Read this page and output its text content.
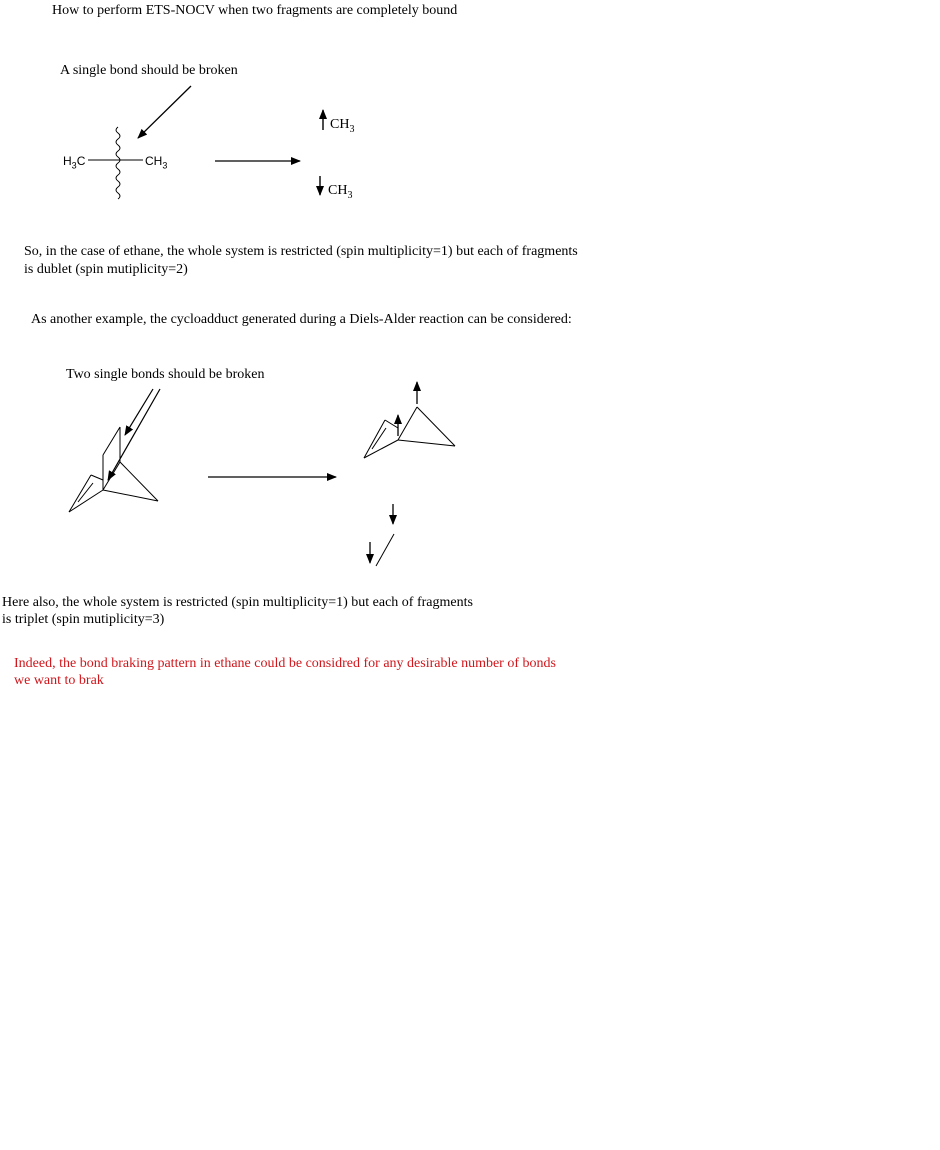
How to perform ETS-NOCV when two fragments are completely bound
A single bond should be broken
$H_3C$	$CH_3$
$CH_3$
$CH_3$
So, in the case of ethane, the whole system is restricted (spin multiplicity=1) but each of fragments
is dublet (spin mutiplicity=2)
As another example, the cycloadduct generated during a Diels-Alder reaction can be considered:
Two single bonds should be broken
Here also, the whole system is restricted (spin multiplicity=1) but each of fragments
is triplet (spin mutiplicity=3)
Indeed, the bond braking pattern in ethane could be considred for any desirable number of bonds
we want to brak
